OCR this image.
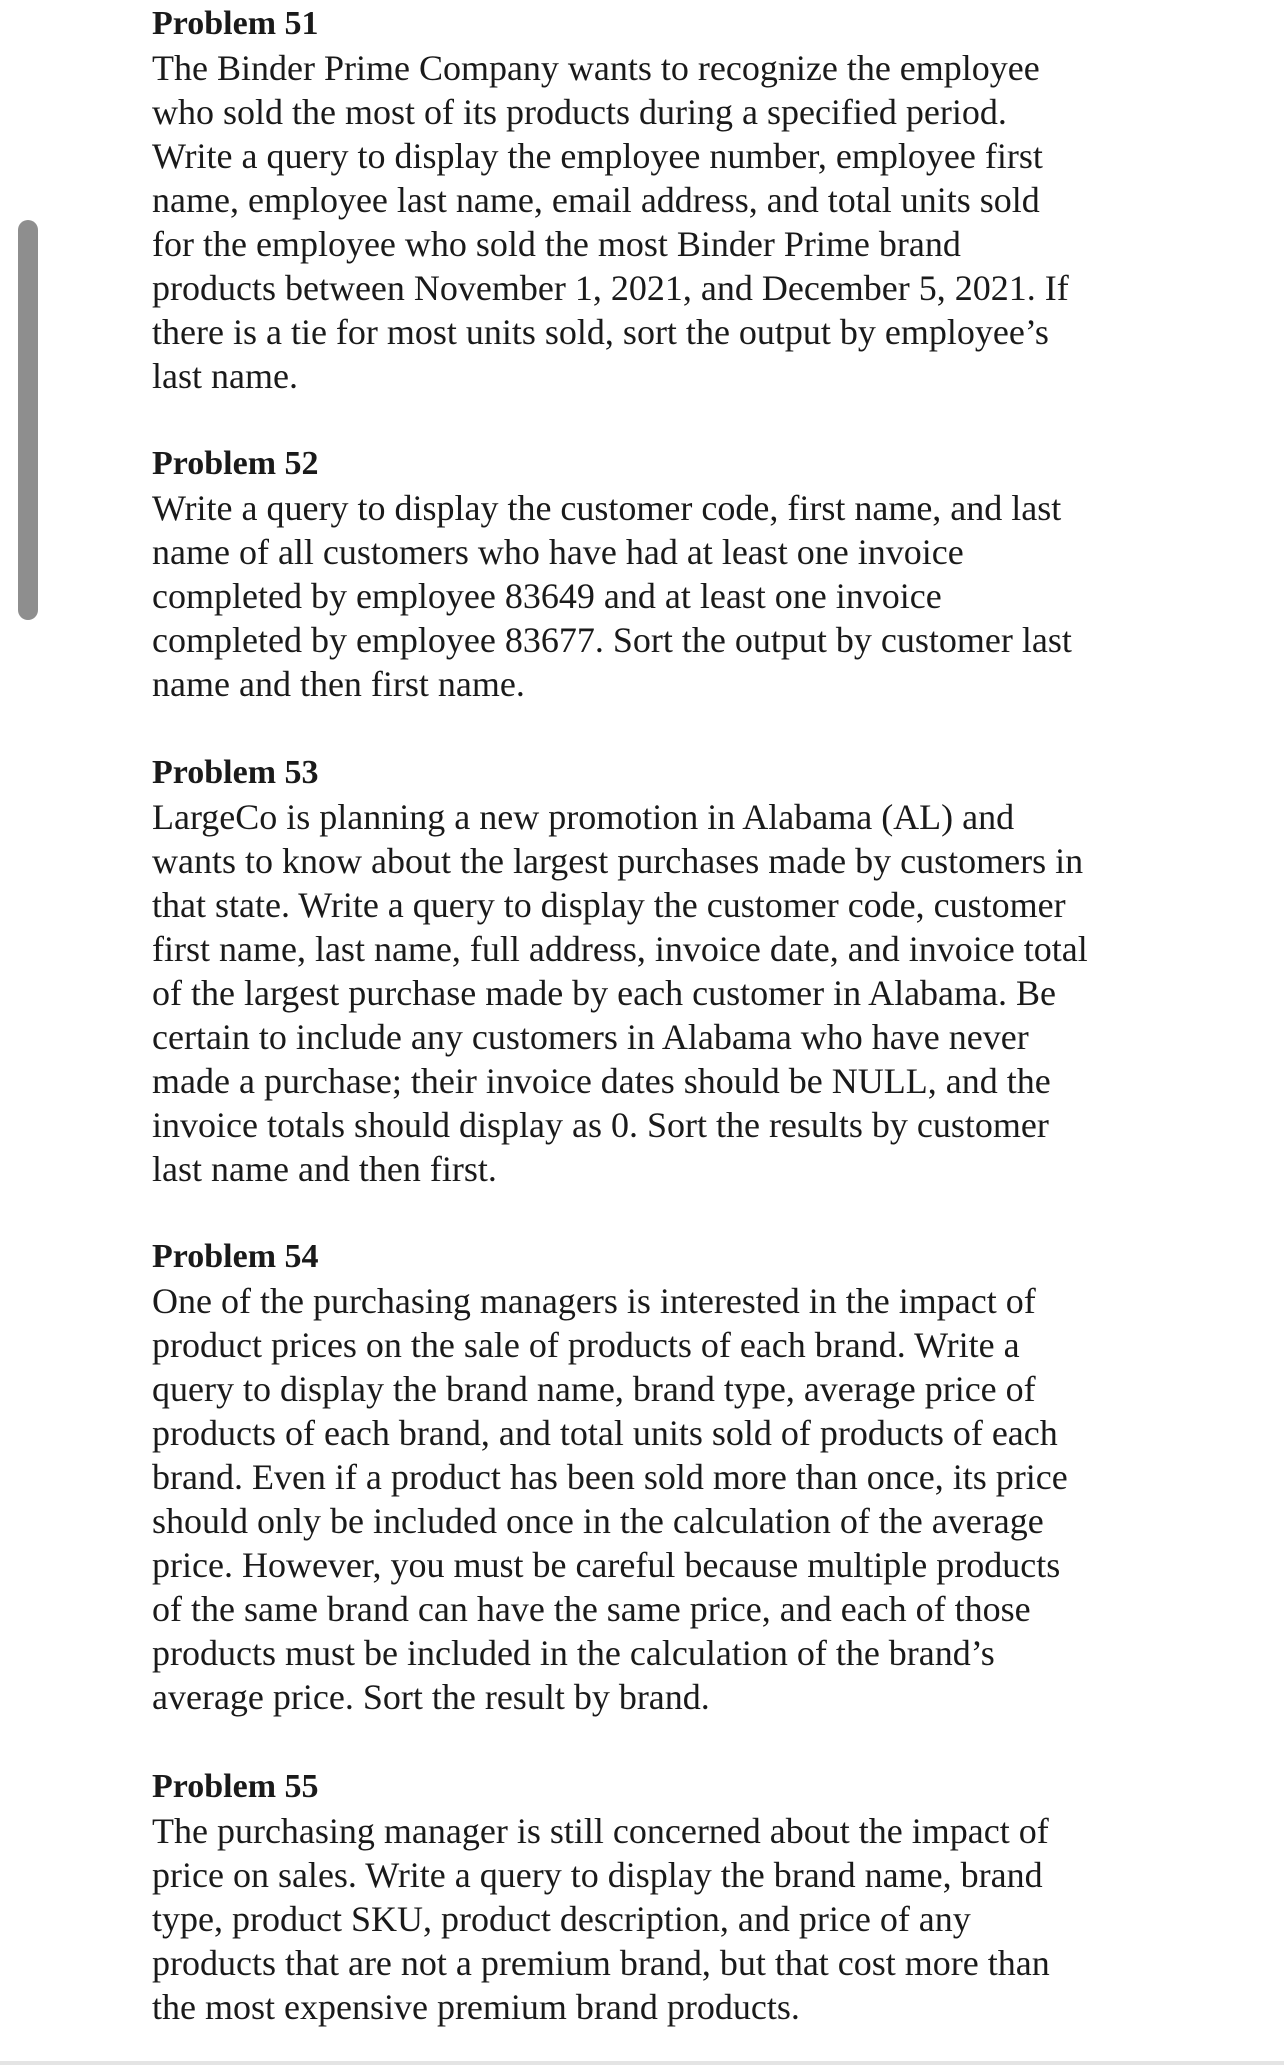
Problem 51

The Binder Prime Company wants to recognize the employee

who sold the most of its products during a specified period.

Write a query to display the employee number, employee first

name, employee last name, email address, and total units sold

for the employee who sold the most Binder Prime brand

products between November 1, 2021, and December 5, 2021. If

there is a tie for most units sold, sort the output by employee’s

last name.

Problem 52

Write a query to display the customer code, first name, and last

name of all customers who have had at least one invoice

completed by employee 83649 and at least one invoice

completed by employee 83677. Sort the output by customer last

name and then first name.

Problem 53

LargeCo is planning a new promotion in Alabama (AL) and

wants to know about the largest purchases made by customers in

that state. Write a query to display the customer code, customer

first name, last name, full address, invoice date, and invoice total

of the largest purchase made by each customer in Alabama. Be

certain to include any customers in Alabama who have never

made a purchase; their invoice dates should be NULL, and the

invoice totals should display as 0. Sort the results by customer

last name and then first.

Problem 54

One of the purchasing managers is interested in the impact of

product prices on the sale of products of each brand. Write a

query to display the brand name, brand type, average price of

products of each brand, and total units sold of products of each

brand. Even if a product has been sold more than once, its price

should only be included once in the calculation of the average

price. However, you must be careful because multiple products

of the same brand can have the same price, and each of those

products must be included in the calculation of the brand’s

average price. Sort the result by brand.

Problem 55

The purchasing manager is still concerned about the impact of

price on sales. Write a query to display the brand name, brand

type, product SKU, product description, and price of any

products that are not a premium brand, but that cost more than

the most expensive premium brand products.
